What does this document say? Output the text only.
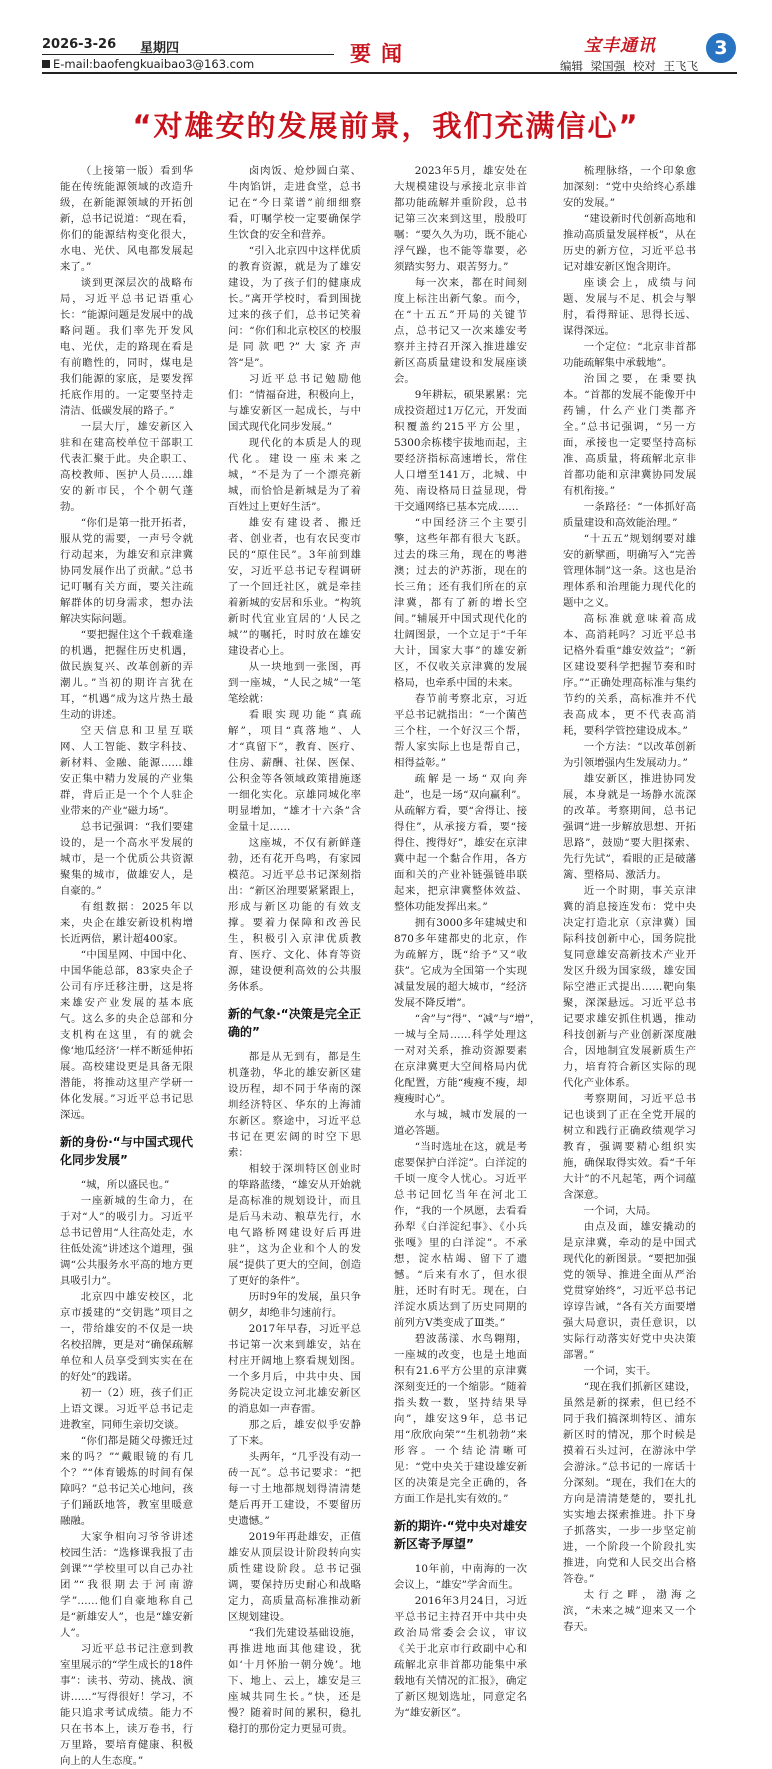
2026-3-26 星期四
E-mail:baofengkuaibao3@163.com	要闻	宝丰通讯	3
编辑 梁国强 校对 王飞飞
“对雄安的发展前景，我们充满信心”

（上接第一版）看到华能在传统能源领域的改造升级，在新能源领域的开拓创新，总书记说道：“现在看，你们的能源结构变化很大，水电、光伏、风电都发展起来了。”

谈到更深层次的战略布局，习近平总书记语重心长：“能源问题是发展中的战略问题。我们率先开发风电、光伏，走的路现在看是有前瞻性的，同时，煤电是我们能源的家底，是要发挥托底作用的。一定要坚持走清洁、低碳发展的路子。”

一层大厅，雄安新区入驻和在建高校单位干部职工代表汇聚于此。央企职工、高校教师、医护人员……雄安的新市民，个个朝气蓬勃。

“你们是第一批开拓者，服从党的需要，一声号令就行动起来，为雄安和京津冀协同发展作出了贡献。”总书记叮嘱有关方面，要关注疏解群体的切身需求，想办法解决实际问题。

“要把握住这个千载难逢的机遇，把握住历史机遇，做民族复兴、改革创新的弄潮儿。”当初的期许言犹在耳，“机遇”成为这片热土最生动的讲述。

空天信息和卫星互联网、人工智能、数字科技、新材料、金融、能源……雄安正集中精力发展的产业集群，背后正是一个个人驻企业带来的产业“磁力场”。

总书记强调：“我们要建设的，是一个高水平发展的城市，是一个优质公共资源聚集的城市，做雄安人，是自豪的。”

有组数据：2025年以来，央企在雄安新设机构增长近两倍，累计超400家。

“中国星网、中国中化、中国华能总部，83家央企子公司有序迁移注册，这是将来雄安产业发展的基本底气。这么多的央企总部和分支机构在这里，有的就会像‘地瓜经济’一样不断延伸拓展。高校建设更是具备无限潜能，将推动这里产学研一体化发展。”习近平总书记思深远。

新的身份·“与中国式现代化同步发展”

“城，所以盛民也。”

一座新城的生命力，在于对“人”的吸引力。习近平总书记曾用“人往高处走，水往低处流”讲述这个道理，强调“公共服务水平高的地方更具吸引力”。

北京四中雄安校区，北京市援建的“交钥匙”项目之一，带给雄安的不仅是一块名校招牌，更是对“确保疏解单位和人员享受到实实在在的好处”的践诺。

初一（2）班，孩子们正上语文课。习近平总书记走进教室，同师生亲切交谈。

“你们都是随父母搬迁过来的吗？”“戴眼镜的有几个？”“体育锻炼的时间有保障吗？”总书记关心地问，孩子们踊跃地答，教室里暖意融融。

大家争相向习爷爷讲述校园生活：“选修课我报了击剑课”“学校里可以自己办社团”“我很期去于河南游学”……他们自豪地称自己是“新雄安人”，也是“雄安新人”。

习近平总书记注意到教室里展示的“学生成长的18件事”：读书、劳动、挑战、演讲……“写得很好！学习，不能只追求考试成绩。能力不只在书本上，读万卷书，行万里路，要培育健康、积极向上的人生态度。”

卤肉饭、炝炒圆白菜、牛肉馅饼，走进食堂，总书记在“今日菜谱”前细细察看，叮嘱学校一定要确保学生饮食的安全和营养。

“引入北京四中这样优质的教育资源，就是为了雄安建设，为了孩子们的健康成长。”离开学校时，看到围拢过来的孩子们，总书记笑着问：“你们和北京校区的校服是同款吧?”大家齐声答“是”。

习近平总书记勉励他们：“情福奋进，积极向上，与雄安新区一起成长，与中国式现代化同步发展。”

现代化的本质是人的现代化。建设一座未来之城，“不是为了一个漂亮新城，而恰恰是新城是为了着百姓过上更好生活”。

雄安有建设者、搬迁者、创业者，也有农民变市民的“原住民”。3年前到雄安，习近平总书记专程调研了一个回迁社区，就是牵挂着新城的安居和乐业。“构筑新时代宜业宜居的‘人民之城’”的嘱托，时时放在雄安建设者心上。

从一块地到一张图，再到一座城，“人民之城”一笔笔绘就：

看眼实现功能“真疏解”，项目“真落地”、人才“真留下”，教育、医疗、住房、薪酬、社保、医保、公积金等各领域政策措施逐一细化实化。京雄同城化率明显增加，“雄才十六条”含金量十足……

这座城，不仅有新鲜蓬勃，还有花开鸟鸣，有家园模范。习近平总书记深刻指出：“新区治理要紧紧跟上，形成与新区功能的有效支撑。要着力保障和改善民生，积极引入京津优质教育、医疗、文化、体育等资源，建设便利高效的公共服务体系。

新的气象·“决策是完全正确的”

都是从无到有，都是生机蓬勃，华北的雄安新区建设历程，却不同于华南的深圳经济特区、华东的上海浦东新区。察途中，习近平总书记在更宏阔的时空下思索：

相较于深圳特区创业时的筚路蓝缕，“雄安从开始就是高标准的规划设计，而且是后马未动、粮草先行，水电气路桥网建设好后再进驻”，这为企业和个人的发展“提供了更大的空间，创造了更好的条件”。

历时9年的发展，虽只争朝夕，却绝非匀速前行。

2017年早春，习近平总书记第一次来到雄安，站在村庄开阔地上察看规划图。一个多月后，中共中央、国务院决定设立河北雄安新区的消息如一声春雷。

那之后，雄安似乎安静了下来。

头两年，“几乎没有动一砖一瓦”。总书记要求：“把每一寸土地都规划得清清楚楚后再开工建设，不要留历史遗憾。”

2019年再赴雄安，正值雄安从顶层设计阶段转向实质性建设阶段。总书记强调，要保持历史耐心和战略定力，高质量高标准推动新区规划建设。

“我们先建设基础设施，再推进地面其他建设，犹如‘十月怀胎一朝分娩’。地下、地上、云上，雄安是三座城共同生长。”快，还是慢？随着时间的累积，稳扎稳打的那份定力更显可贵。

2023年5月，雄安处在大规模建设与承接北京非首都功能疏解并重阶段，总书记第三次来到这里，殷殷叮嘱：“要久久为功，既不能心浮气躁，也不能等靠要，必须踏实努力、艰苦努力。”

每一次来，都在时间刻度上标注出新气象。而今，在“十五五”开局的关键节点，总书记又一次来雄安考察并主持召开深入推进雄安新区高质量建设和发展座谈会。

9年耕耘，硕果累累：完成投资超过1万亿元，开发面积覆盖约215平方公里，5300余栋楼宇拔地而起，主要经济指标高速增长，常住人口增至141万，北城、中苑、南设格局日益显现，骨干交通网络已基本完成……

“中国经济三个主要引擎，这些年都有很大飞跃。过去的珠三角，现在的粤港澳；过去的沪苏浙，现在的长三角；还有我们所在的京津冀，都有了新的增长空间。”辅展开中国式现代化的壮阔图景，一个立足于“千年大计，国家大事”的雄安新区，不仅收关京津冀的发展格局，也牵系中国的未来。

春节前考察北京，习近平总书记就指出：“一个菌芭三个柱，一个好汉三个帮，帮人家实际上也是帮自己，相得益彰。”

疏解是一场“双向奔赴”，也是一场“双向赢利”。从疏解方看，要“舍得让、接得住”，从承接方看，要“接得住、搜得好”，雄安在京津冀中起一个黏合作用，各方面和关的产业补链强链串联起来，把京津冀整体效益、整体功能发挥出来。”

拥有3000多年建城史和870多年建都史的北京，作为疏解方，既“给予”又“收获”。它成为全国第一个实现减量发展的超大城市，“经济发展不降反增”。

“舍”与“得”、“减”与“增”，一城与全局……科学处理这一对对关系，推动资源要素在京津冀更大空间格局内优化配置，方能“瘦瘦不瘦，却瘦瘦时心”。

水与城，城市发展的一道必答题。

“当时选址在这，就是考虑要保护白洋淀”。白洋淀的千顷一度令人忧心。习近平总书记回忆当年在河北工作，“我的一个夙愿，去看看孙犁《白洋淀纪事》、《小兵张嘎》里的白洋淀”。不承想，淀水枯竭、留下了遗憾。“后来有水了，但水很脏，还时有时无。现在，白洋淀水质达到了历史同期的前列方V类变成了Ⅲ类。”

碧波荡漾、水鸟翱翔，一座城的改变，也是土地面积有21.6平方公里的京津冀深刻变迁的一个缩影。“随着指头数一数，坚持结果导向”，雄安这9年，总书记用“欣欣向荣”“生机勃勃”来形容。一个结论清晰可见：“党中央关于建设雄安新区的决策是完全正确的，各方面工作是扎实有效的。”

新的期许·“党中央对雄安新区寄予厚望”

10年前，中南海的一次会议上，“雄安”学舍而生。

2016年3月24日，习近平总书记主持召开中共中央政治局常委会会议，审议《关于北京市行政副中心和疏解北京非首都功能集中承载地有关情况的汇报》，确定了新区规划选址，同意定名为“雄安新区”。

梳理脉络，一个印象愈加深刻：“党中央给终心系雄安的发展。”

“建设新时代创新高地和推动高质量发展样板”，从在历史的新方位，习近平总书记对雄安新区饱含期许。

座谈会上，成绩与问题、发展与不足、机会与掣肘，看得辩证、思得长远、谋得深远。

一个定位：“北京非首都功能疏解集中承载地”。

治国之要，在秉要执本。“首都的发展不能像开中药铺，什么产业门类都齐全。”总书记强调，“另一方面，承接也一定要坚持高标准、高质量，将疏解北京非首都功能和京津冀协同发展有机衔接。”

一条路径：“一体抓好高质量建设和高效能治理。”

“十五五”规划纲要对雄安的新擘画，明确写入“完善管理体制”这一条。这也是治理体系和治理能力现代化的题中之义。

高标准就意味着高成本、高消耗吗？习近平总书记格外看重“雄安效益”；“新区建设要科学把握节奏和时序。”“正确处理高标准与集约节约的关系，高标准并不代表高成本，更不代表高消耗，要科学管控建设成本。”

一个方法：“以改革创新为引领增强内生发展动力。”

雄安新区，推进协同发展，本身就是一场静水流深的改革。考察期间，总书记强调“进一步解放思想、开拓思路”，鼓励“要大胆探索、先行先试”，看眼的正是破藩篱、塑格局、激活力。

近一个时期，事关京津冀的消息接连发布：党中央决定打造北京（京津冀）国际科技创新中心，国务院批复同意雄安高新技术产业开发区升级为国家级，雄安国际空港正式提出……靶向集聚，深深悬远。习近平总书记要求雄安抓住机遇，推动科技创新与产业创新深度融合，因地制宜发展新质生产力，培育符合新区实际的现代化产业体系。

考察期间，习近平总书记也谈到了正在全党开展的树立和践行正确政绩观学习教育，强调要精心组织实施，确保取得实效。看“千年大计”的不凡起笔，两个词蕴含深意。

一个词，大局。

由点及面，雄安撬动的是京津冀，牵动的是中国式现代化的新图景。“要把加强党的领导、推进全面从严治党贯穿始终”，习近平总书记谆谆告诫，“各有关方面要增强大局意识，责任意识，以实际行动落实好党中央决策部署。”

一个词，实干。

“现在我们抓新区建设，虽然是新的探索，但已经不同于我们搞深圳特区、浦东新区时的情况，那个时候是摸着石头过河，在游泳中学会游泳。”总书记的一席话十分深刻。“现在，我们在大的方向是清清楚楚的，要扎扎实实地去探索推进。扑下身子抓落实，一步一步坚定前进，一个阶段一个阶段扎实推进，向党和人民交出合格答卷。”

太行之畔，渤海之滨，“未来之城”迎来又一个春天。
